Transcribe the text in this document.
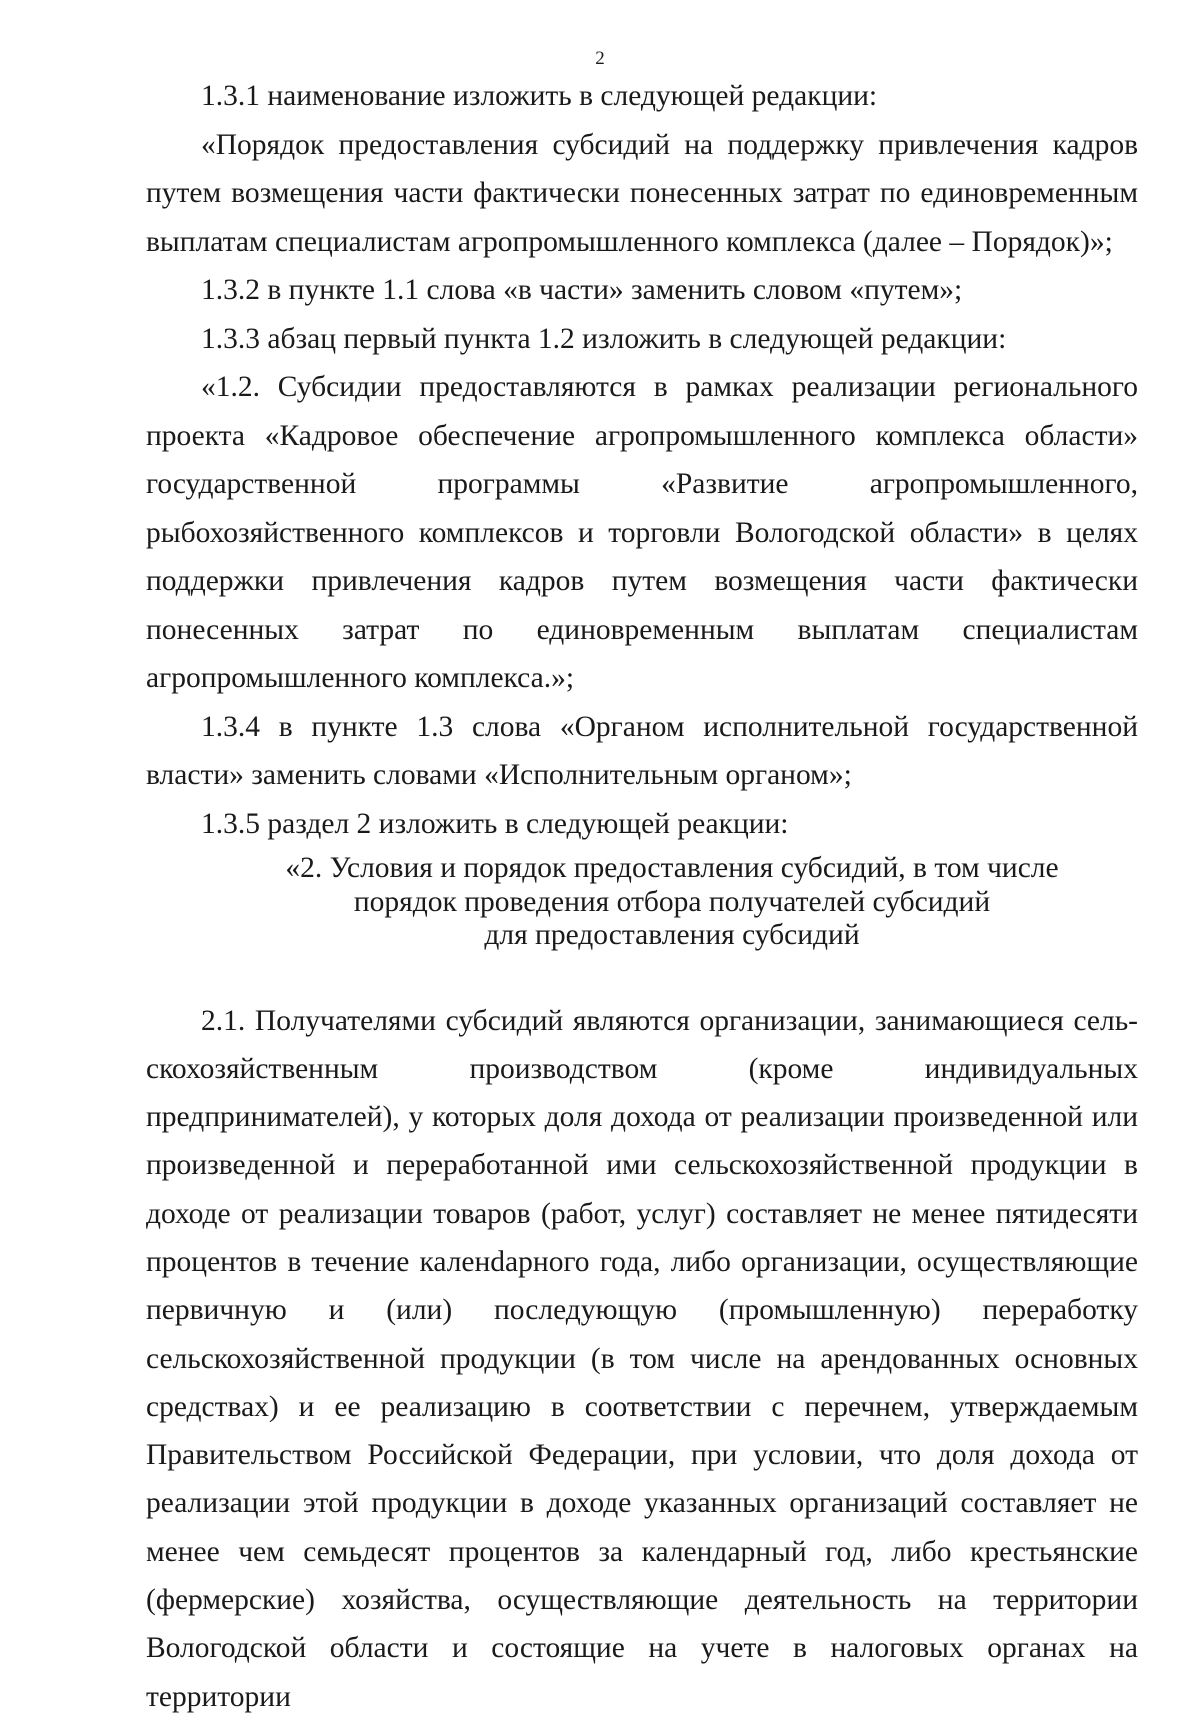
2

1.3.1 наименование изложить в следующей редакции:

«Порядок предоставления субсидий на поддержку привлечения кадров путем возмещения части фактически понесенных затрат по единовременным выплатам специалистам агропромышленного комплекса (далее – Порядок)»;

1.3.2 в пункте 1.1 слова «в части» заменить словом «путем»;

1.3.3 абзац первый пункта 1.2 изложить в следующей редакции:

«1.2. Субсидии предоставляются в рамках реализации регионального проекта «Кадровое обеспечение агропромышленного комплекса области» государственной программы «Развитие агропромышленного, рыбохозяйственного комплексов и торговли Вологодской области» в целях поддержки привлечения кадров путем возмещения части фактически понесенных затрат по единовременным выплатам специалистам агропромышленного комплекса.»;

1.3.4 в пункте 1.3 слова «Органом исполнительной государственной власти» заменить словами «Исполнительным органом»;

1.3.5 раздел 2 изложить в следующей реакции:

«2. Условия и порядок предоставления субсидий, в том числе
порядок проведения отбора получателей субсидий
для предоставления субсидий

2.1. Получателями субсидий являются организации, занимающиеся сельскохозяйственным производством (кроме индивидуальных предпринимателей), у которых доля дохода от реализации произведенной или произведенной и переработанной ими сельскохозяйственной продукции в доходе от реализации товаров (работ, услуг) составляет не менее пятидесяти процентов в течение каленdарного года, либо организации, осуществляющие первичную и (или) последующую (промышленную) переработку сельскохозяйственной продукции (в том числе на арендованных основных средствах) и ее реализацию в соответствии с перечнем, утверждаемым Правительством Российской Федерации, при условии, что доля дохода от реализации этой продукции в доходе указанных организаций составляет не менее чем семьдесят процентов за календарный год, либо крестьянские (фермерские) хозяйства, осуществляющие деятельность на территории Вологодской области и состоящие на учете в налоговых органах на территории
